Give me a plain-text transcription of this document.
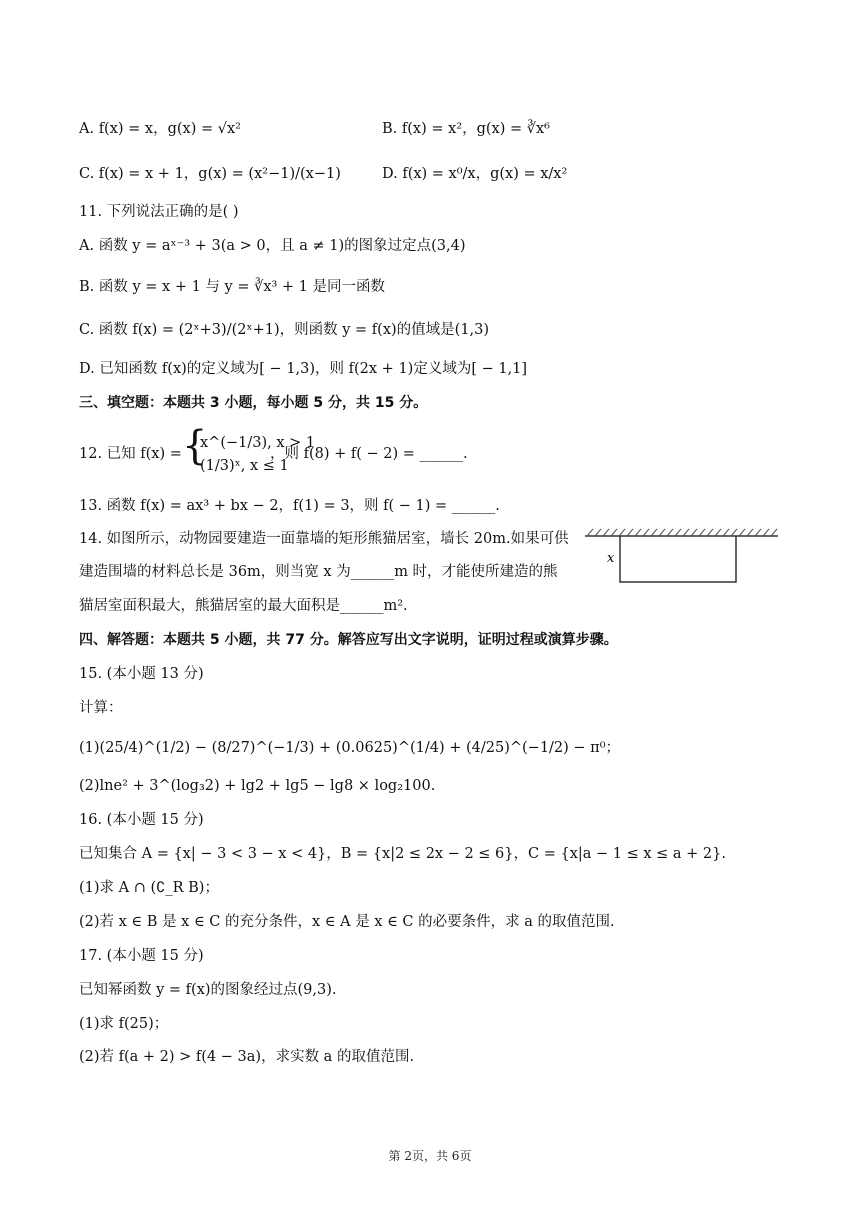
A. f(x) = x，g(x) = √x²	B. f(x) = x²，g(x) = ∛x⁶
C. f(x) = x + 1，g(x) = (x²−1)/(x−1)	D. f(x) = x⁰/x，g(x) = x/x²
11. 下列说法正确的是( )
A. 函数 y = aˣ⁻³ + 3(a > 0，且 a ≠ 1)的图象过定点(3,4)
B. 函数 y = x + 1 与 y = ∛x³ + 1 是同一函数
C. 函数 f(x) = (2ˣ+3)/(2ˣ+1)，则函数 y = f(x)的值域是(1,3)
D. 已知函数 f(x)的定义域为[ − 1,3)，则 f(2x + 1)定义域为[ − 1,1]
三、填空题：本题共 3 小题，每小题 5 分，共 15 分。
12. 已知 f(x) = {
x^(−1/3), x > 1
(1/3)ˣ, x ≤ 1
，则 f(8) + f( − 2) = ______.
13. 函数 f(x) = ax³ + bx − 2，f(1) = 3，则 f( − 1) = ______.
14. 如图所示，动物园要建造一面靠墙的矩形熊猫居室，墙长 20m.如果可供
建造围墙的材料总长是 36m，则当宽 x 为______m 时，才能使所建造的熊
猫居室面积最大，熊猫居室的最大面积是______m².
x
四、解答题：本题共 5 小题，共 77 分。解答应写出文字说明，证明过程或演算步骤。
15. (本小题 13 分)
计算：
(1)(25/4)^(1/2) − (8/27)^(−1/3) + (0.0625)^(1/4) + (4/25)^(−1/2) − π⁰；
(2)lne² + 3^(log₃2) + lg2 + lg5 − lg8 × log₂100.
16. (本小题 15 分)
已知集合 A = {x| − 3 < 3 − x < 4}，B = {x|2 ≤ 2x − 2 ≤ 6}，C = {x|a − 1 ≤ x ≤ a + 2}.
(1)求 A ∩ (∁_R B)；
(2)若 x ∈ B 是 x ∈ C 的充分条件，x ∈ A 是 x ∈ C 的必要条件，求 a 的取值范围.
17. (本小题 15 分)
已知幂函数 y = f(x)的图象经过点(9,3).
(1)求 f(25)；
(2)若 f(a + 2) > f(4 − 3a)，求实数 a 的取值范围.
第 2页，共 6页
